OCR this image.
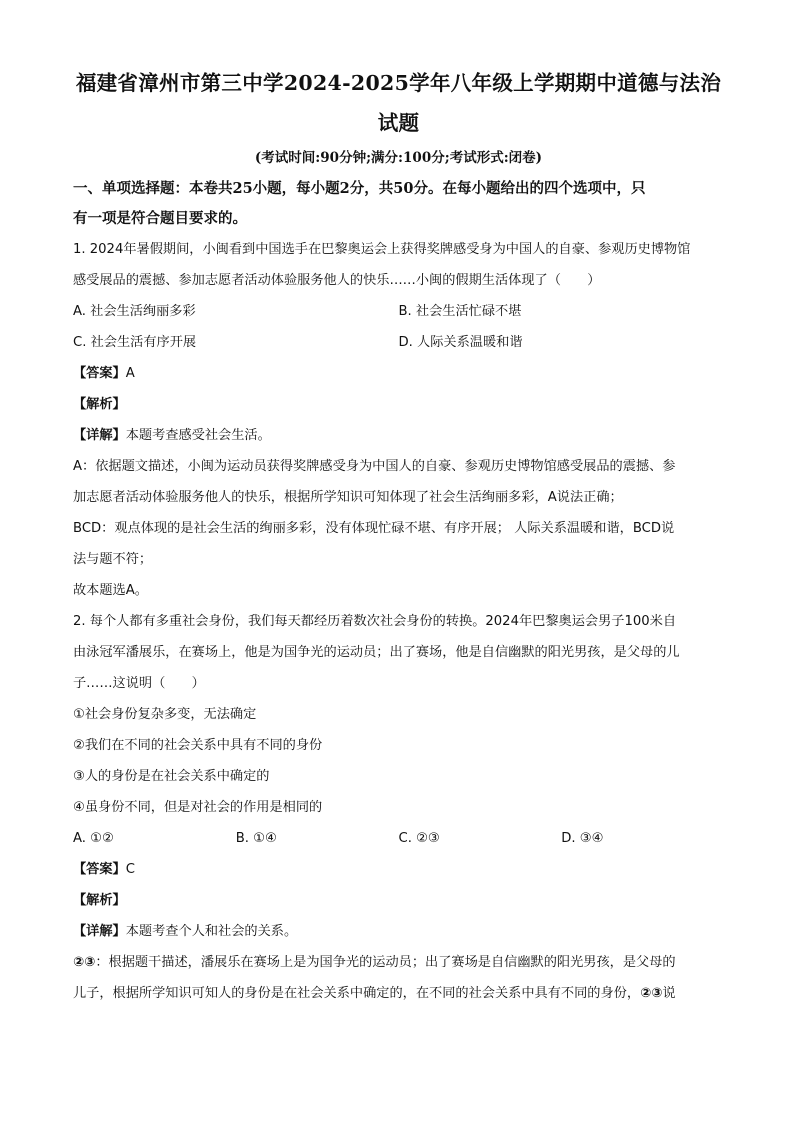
福建省漳州市第三中学2024-2025学年八年级上学期期中道德与法治
试题
(考试时间:90分钟;满分:100分;考试形式:闭卷)
一、单项选择题：本卷共25小题，每小题2分，共50分。在每小题给出的四个选项中，只
有一项是符合题目要求的。

1. 2024年暑假期间，小闽看到中国选手在巴黎奥运会上获得奖牌感受身为中国人的自豪、参观历史博物馆

感受展品的震撼、参加志愿者活动体验服务他人的快乐……小闽的假期生活体现了（　　）

A. 社会生活绚丽多彩	B. 社会生活忙碌不堪
C. 社会生活有序开展	D. 人际关系温暖和谐
【答案】A
【解析】
【详解】本题考查感受社会生活。

A：依据题文描述，小闽为运动员获得奖牌感受身为中国人的自豪、参观历史博物馆感受展品的震撼、参

加志愿者活动体验服务他人的快乐，根据所学知识可知体现了社会生活绚丽多彩，A说法正确；

BCD：观点体现的是社会生活的绚丽多彩，没有体现忙碌不堪、有序开展； 人际关系温暖和谐，BCD说

法与题不符；

故本题选A。

2. 每个人都有多重社会身份，我们每天都经历着数次社会身份的转换。2024年巴黎奥运会男子100米自

由泳冠军潘展乐，在赛场上，他是为国争光的运动员；出了赛场，他是自信幽默的阳光男孩，是父母的儿

子……这说明（　　）

①社会身份复杂多变，无法确定

②我们在不同的社会关系中具有不同的身份

③人的身份是在社会关系中确定的

④虽身份不同，但是对社会的作用是相同的

A. ①②	B. ①④	C. ②③	D. ③④
【答案】C
【解析】
【详解】本题考查个人和社会的关系。

②③：根据题干描述，潘展乐在赛场上是为国争光的运动员；出了赛场是自信幽默的阳光男孩，是父母的

儿子，根据所学知识可知人的身份是在社会关系中确定的，在不同的社会关系中具有不同的身份，②③说
